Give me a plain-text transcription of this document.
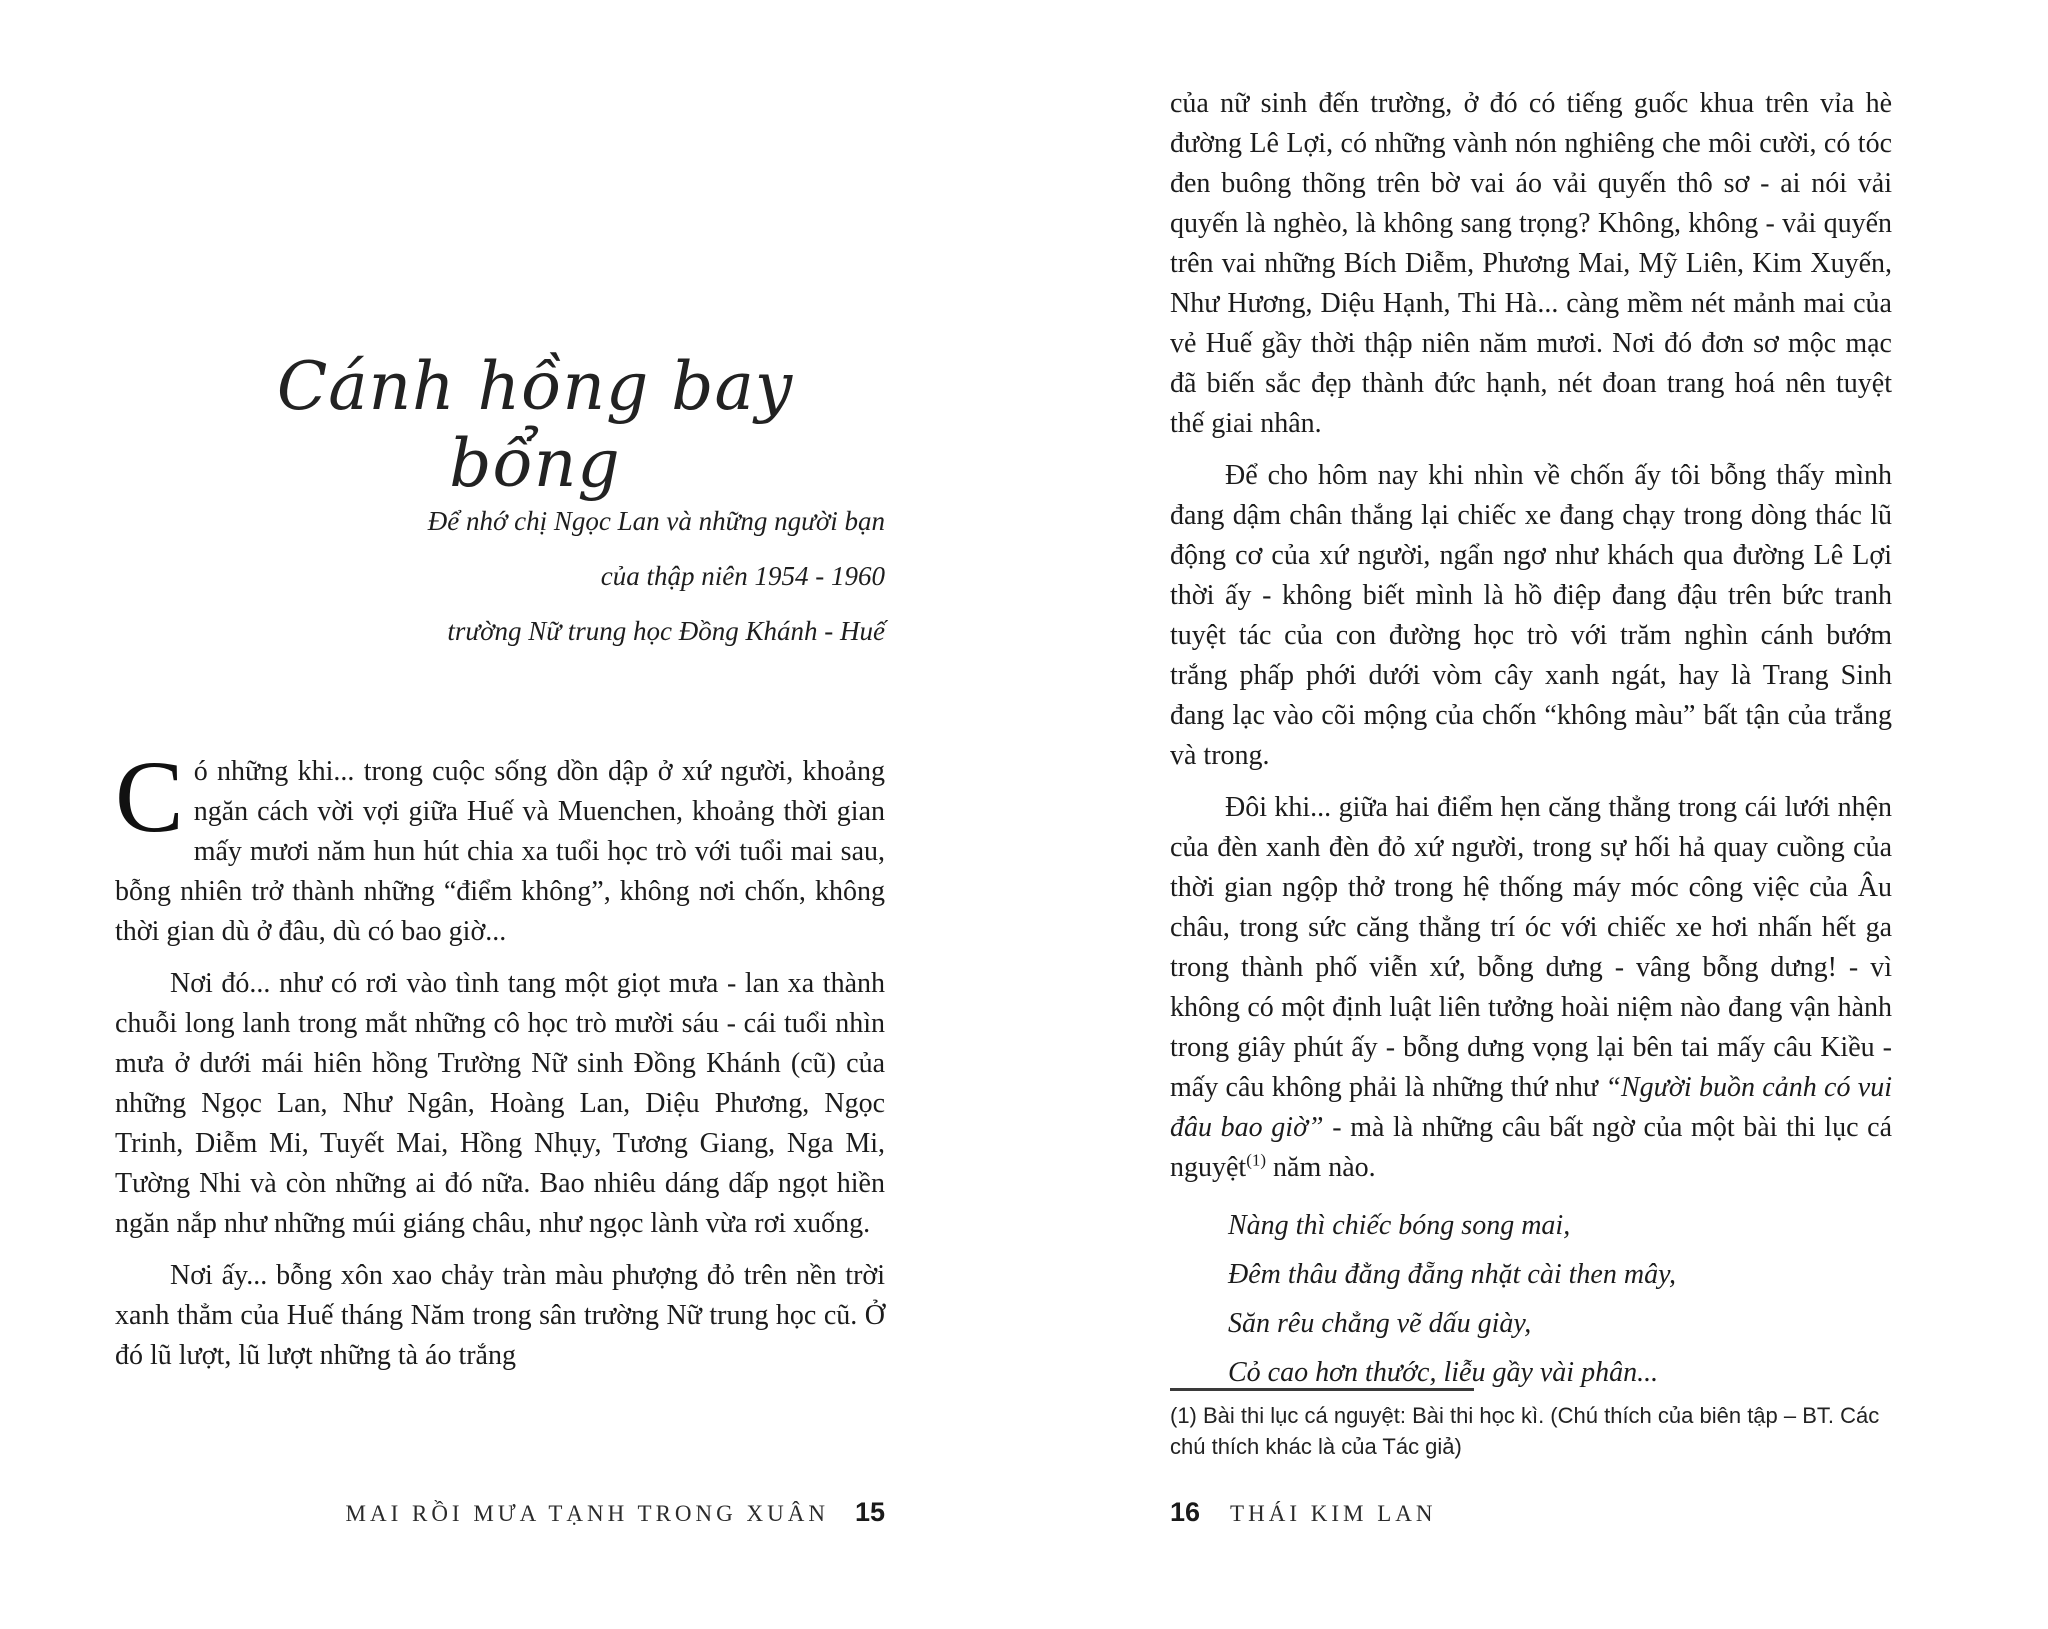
Cánh hồng bay bổng

Để nhớ chị Ngọc Lan và những người bạn

của thập niên 1954 - 1960

trường Nữ trung học Đồng Khánh - Huế

Có những khi... trong cuộc sống dồn dập ở xứ người, khoảng ngăn cách vời vợi giữa Huế và Muenchen, khoảng thời gian mấy mươi năm hun hút chia xa tuổi học trò với tuổi mai sau, bỗng nhiên trở thành những “điểm không”, không nơi chốn, không thời gian dù ở đâu, dù có bao giờ...

Nơi đó... như có rơi vào tình tang một giọt mưa - lan xa thành chuỗi long lanh trong mắt những cô học trò mười sáu - cái tuổi nhìn mưa ở dưới mái hiên hồng Trường Nữ sinh Đồng Khánh (cũ) của những Ngọc Lan, Như Ngân, Hoàng Lan, Diệu Phương, Ngọc Trinh, Diễm Mi, Tuyết Mai, Hồng Nhụy, Tương Giang, Nga Mi, Tường Nhi và còn những ai đó nữa. Bao nhiêu dáng dấp ngọt hiền ngăn nắp như những múi giáng châu, như ngọc lành vừa rơi xuống.

Nơi ấy... bỗng xôn xao chảy tràn màu phượng đỏ trên nền trời xanh thẳm của Huế tháng Năm trong sân trường Nữ trung học cũ. Ở đó lũ lượt, lũ lượt những tà áo trắng

MAI RỒI MƯA TẠNH TRONG XUÂN 15

của nữ sinh đến trường, ở đó có tiếng guốc khua trên vỉa hè đường Lê Lợi, có những vành nón nghiêng che môi cười, có tóc đen buông thõng trên bờ vai áo vải quyến thô sơ - ai nói vải quyến là nghèo, là không sang trọng? Không, không - vải quyến trên vai những Bích Diễm, Phương Mai, Mỹ Liên, Kim Xuyến, Như Hương, Diệu Hạnh, Thi Hà... càng mềm nét mảnh mai của vẻ Huế gầy thời thập niên năm mươi. Nơi đó đơn sơ mộc mạc đã biến sắc đẹp thành đức hạnh, nét đoan trang hoá nên tuyệt thế giai nhân.

Để cho hôm nay khi nhìn về chốn ấy tôi bỗng thấy mình đang dậm chân thắng lại chiếc xe đang chạy trong dòng thác lũ động cơ của xứ người, ngẩn ngơ như khách qua đường Lê Lợi thời ấy - không biết mình là hồ điệp đang đậu trên bức tranh tuyệt tác của con đường học trò với trăm nghìn cánh bướm trắng phấp phới dưới vòm cây xanh ngát, hay là Trang Sinh đang lạc vào cõi mộng của chốn “không màu” bất tận của trắng và trong.

Đôi khi... giữa hai điểm hẹn căng thẳng trong cái lưới nhện của đèn xanh đèn đỏ xứ người, trong sự hối hả quay cuồng của thời gian ngộp thở trong hệ thống máy móc công việc của Âu châu, trong sức căng thẳng trí óc với chiếc xe hơi nhấn hết ga trong thành phố viễn xứ, bỗng dưng - vâng bỗng dưng! - vì không có một định luật liên tưởng hoài niệm nào đang vận hành trong giây phút ấy - bỗng dưng vọng lại bên tai mấy câu Kiều - mấy câu không phải là những thứ như “Người buồn cảnh có vui đâu bao giờ” - mà là những câu bất ngờ của một bài thi lục cá nguyệt$^{(1)}$ năm nào.

Nàng thì chiếc bóng song mai,

Đêm thâu đằng đẵng nhặt cài then mây,

Săn rêu chẳng vẽ dấu giày,

Cỏ cao hơn thước, liễu gầy vài phân...

(1) Bài thi lục cá nguyệt: Bài thi học kì. (Chú thích của biên tập – BT. Các chú thích khác là của Tác giả)

16 THÁI KIM LAN
